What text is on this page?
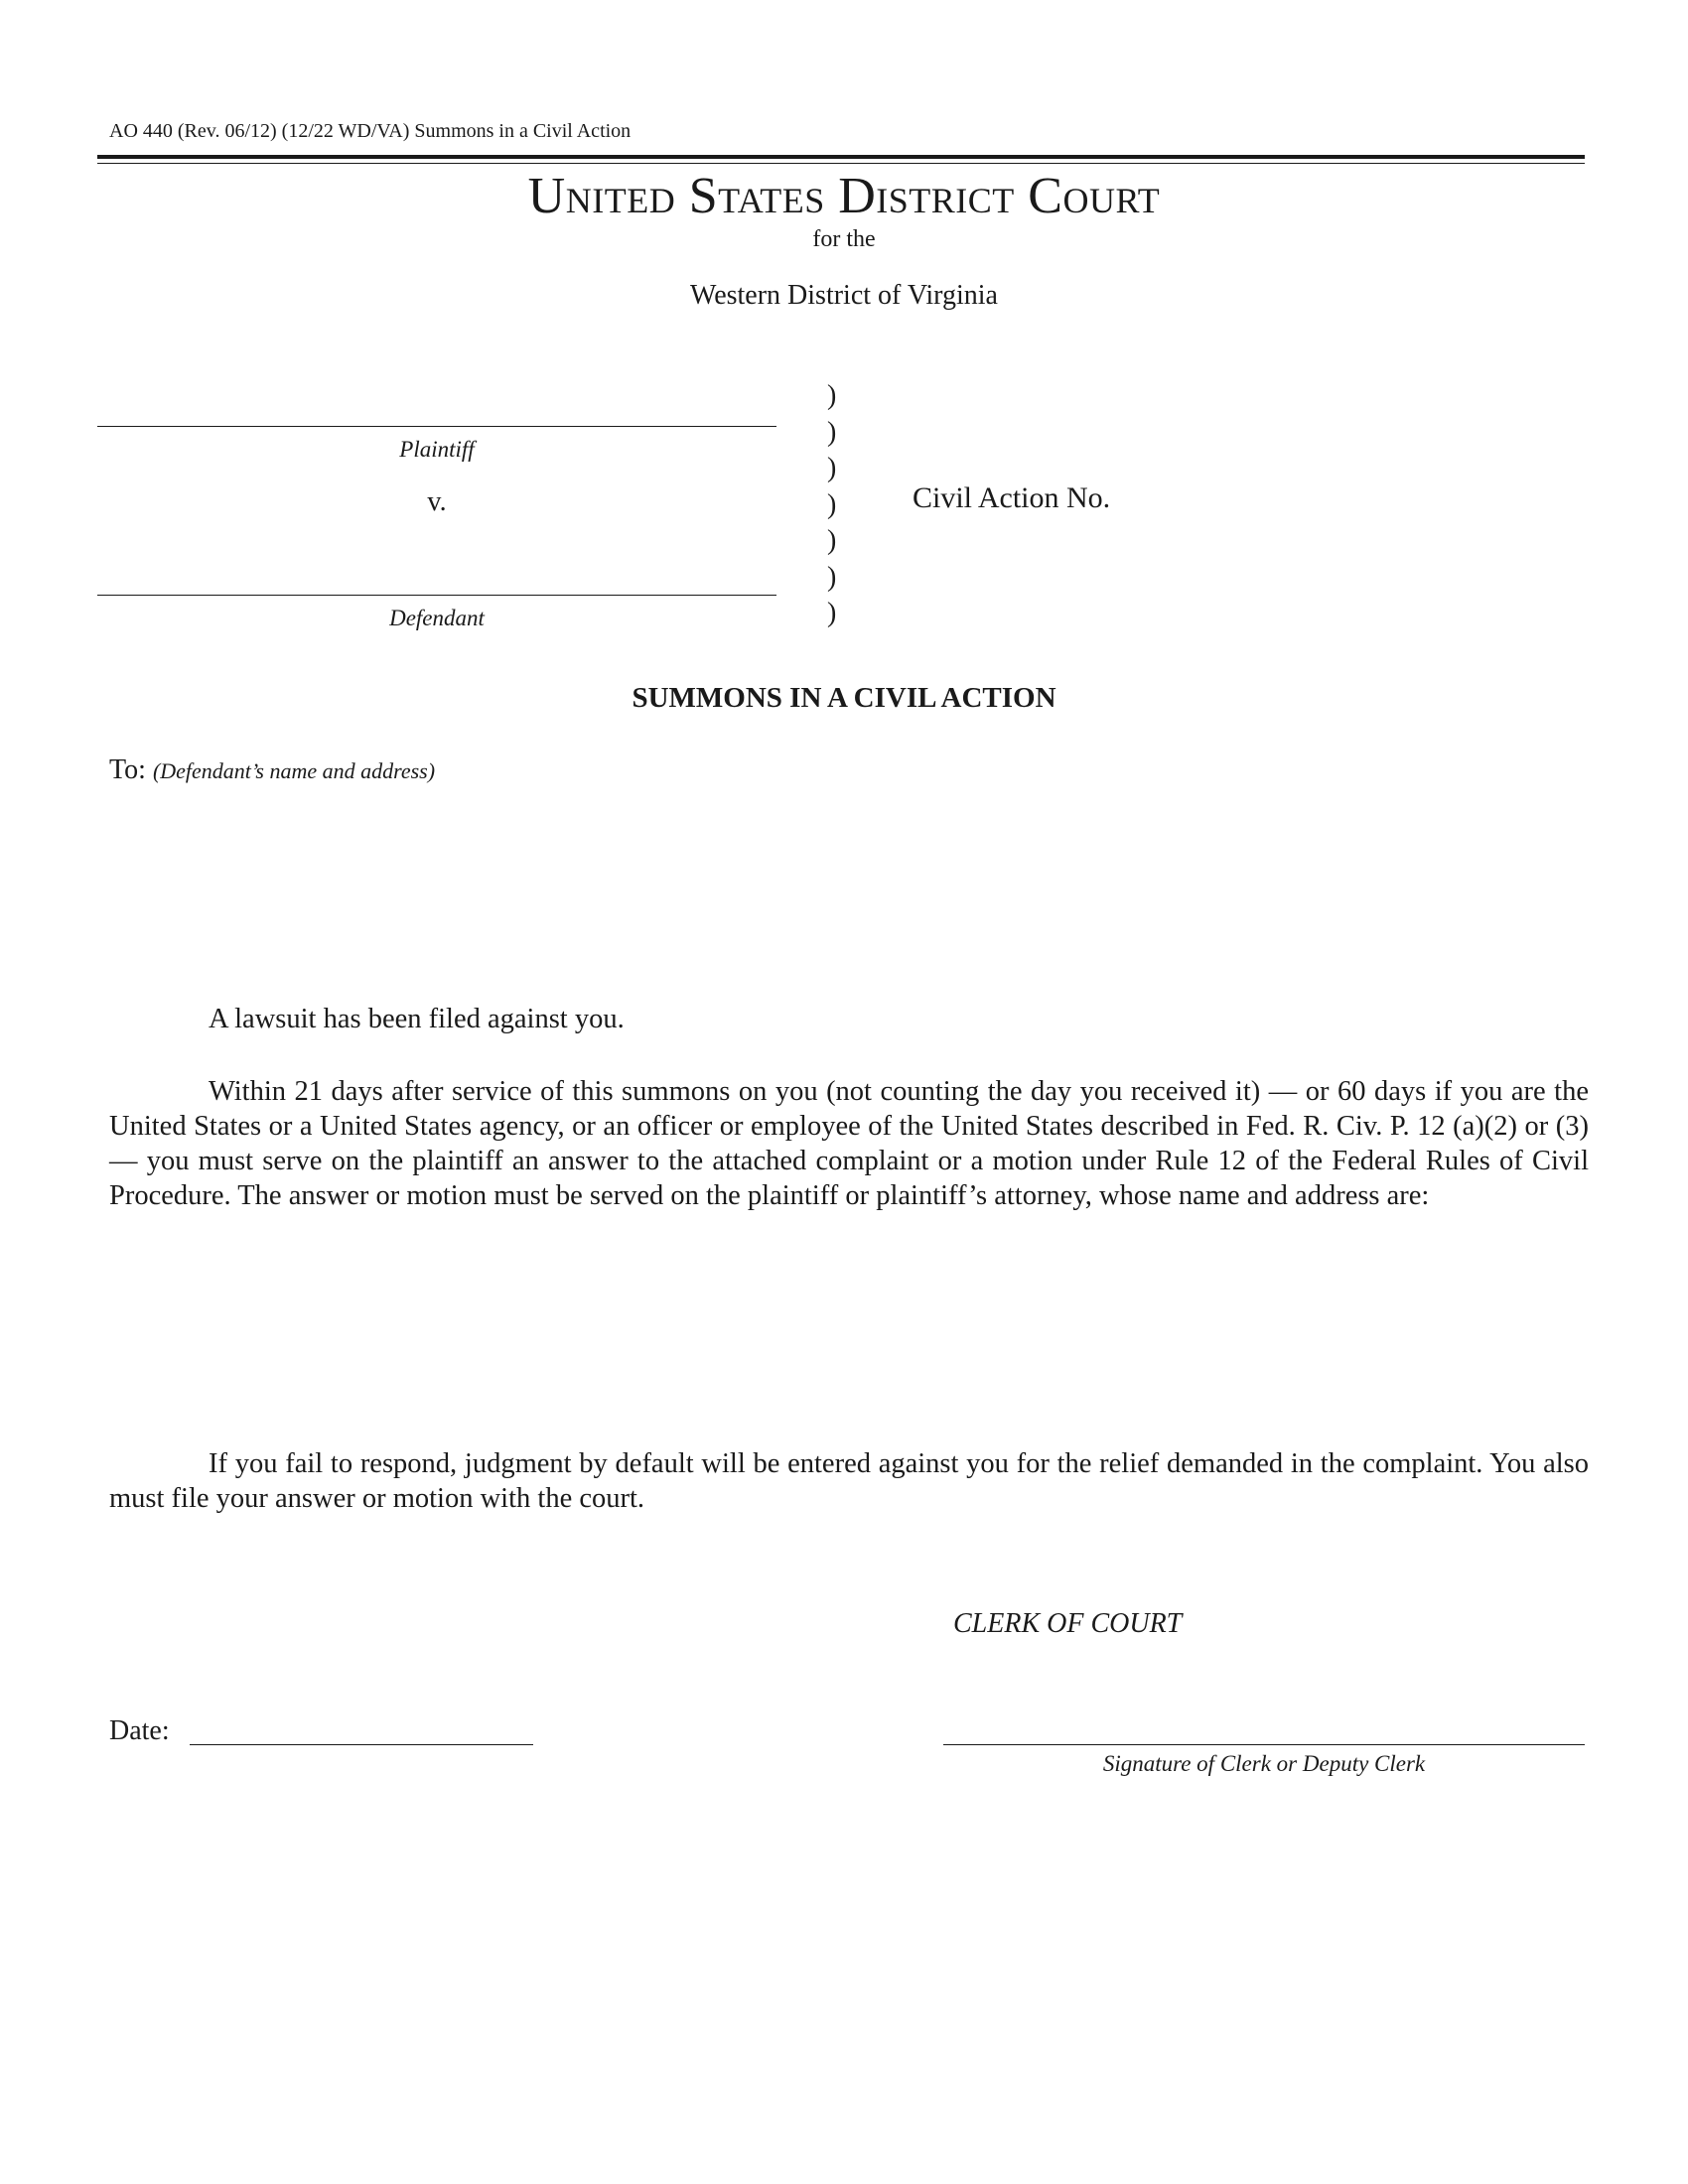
AO 440 (Rev. 06/12) (12/22 WD/VA) Summons in a Civil Action
United States District Court
for the
Western District of Virginia
Plaintiff
v.
Defendant
)
)
)
)
)
)
)
Civil Action No.
SUMMONS IN A CIVIL ACTION
To: (Defendant’s name and address)
A lawsuit has been filed against you.
Within 21 days after service of this summons on you (not counting the day you received it) — or 60 days if you are the United States or a United States agency, or an officer or employee of the United States described in Fed. R. Civ. P. 12 (a)(2) or (3) — you must serve on the plaintiff an answer to the attached complaint or a motion under Rule 12 of the Federal Rules of Civil Procedure. The answer or motion must be served on the plaintiff or plaintiff’s attorney, whose name and address are:
If you fail to respond, judgment by default will be entered against you for the relief demanded in the complaint. You also must file your answer or motion with the court.
CLERK OF COURT
Date:
Signature of Clerk or Deputy Clerk
